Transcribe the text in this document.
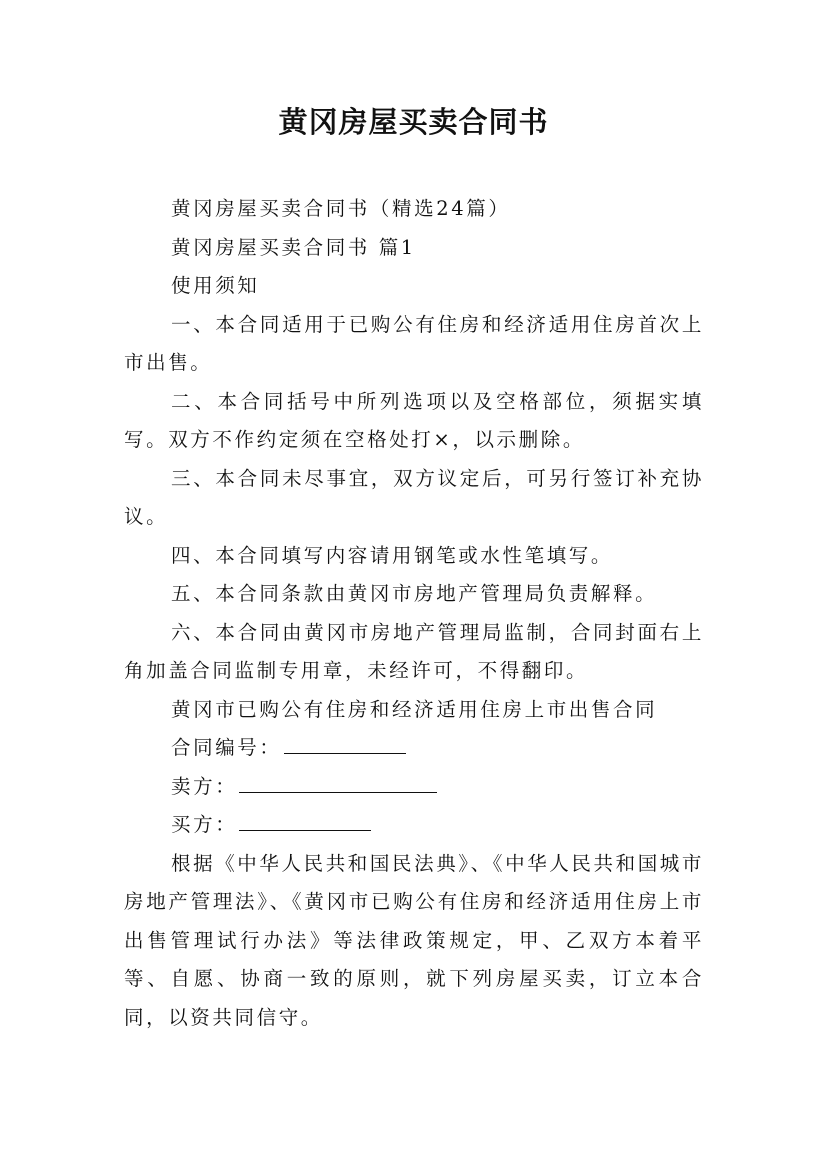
黄冈房屋买卖合同书

黄冈房屋买卖合同书（精选24篇）

黄冈房屋买卖合同书 篇1

使用须知

一、本合同适用于已购公有住房和经济适用住房首次上市出售。

二、本合同括号中所列选项以及空格部位，须据实填写。双方不作约定须在空格处打×，以示删除。

三、本合同未尽事宜，双方议定后，可另行签订补充协议。

四、本合同填写内容请用钢笔或水性笔填写。

五、本合同条款由黄冈市房地产管理局负责解释。

六、本合同由黄冈市房地产管理局监制，合同封面右上角加盖合同监制专用章，未经许可，不得翻印。

黄冈市已购公有住房和经济适用住房上市出售合同

合同编号：

卖方：

买方：

根据《中华人民共和国民法典》、《中华人民共和国城市房地产管理法》、《黄冈市已购公有住房和经济适用住房上市出售管理试行办法》等法律政策规定，甲、乙双方本着平等、自愿、协商一致的原则，就下列房屋买卖，订立本合同，以资共同信守。
